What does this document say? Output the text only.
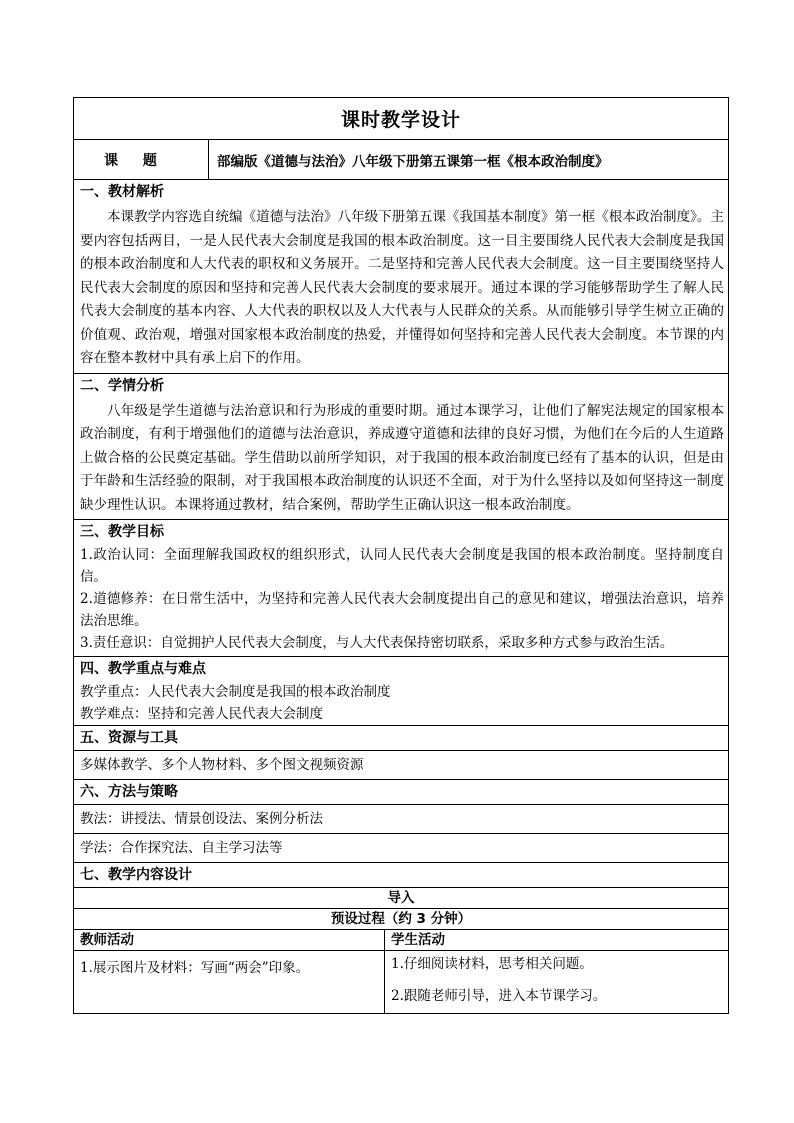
课时教学设计
课 题	部编版《道德与法治》八年级下册第五课第一框《根本政治制度》
一、教材解析
本课教学内容选自统编《道德与法治》八年级下册第五课《我国基本制度》第一框《根本政治制度》。主要内容包括两目，一是人民代表大会制度是我国的根本政治制度。这一目主要围绕人民代表大会制度是我国的根本政治制度和人大代表的职权和义务展开。二是坚持和完善人民代表大会制度。这一目主要围绕坚持人民代表大会制度的原因和坚持和完善人民代表大会制度的要求展开。通过本课的学习能够帮助学生了解人民代表大会制度的基本内容、人大代表的职权以及人大代表与人民群众的关系。从而能够引导学生树立正确的价值观、政治观，增强对国家根本政治制度的热爱，并懂得如何坚持和完善人民代表大会制度。本节课的内容在整本教材中具有承上启下的作用。
二、学情分析
八年级是学生道德与法治意识和行为形成的重要时期。通过本课学习，让他们了解宪法规定的国家根本政治制度，有利于增强他们的道德与法治意识，养成遵守道德和法律的良好习惯，为他们在今后的人生道路上做合格的公民奠定基础。学生借助以前所学知识，对于我国的根本政治制度已经有了基本的认识，但是由于年龄和生活经验的限制，对于我国根本政治制度的认识还不全面，对于为什么坚持以及如何坚持这一制度缺少理性认识。本课将通过教材，结合案例，帮助学生正确认识这一根本政治制度。
三、教学目标
1.政治认同：全面理解我国政权的组织形式，认同人民代表大会制度是我国的根本政治制度。坚持制度自信。
2.道德修养：在日常生活中，为坚持和完善人民代表大会制度提出自己的意见和建议，增强法治意识，培养法治思维。
3.责任意识：自觉拥护人民代表大会制度，与人大代表保持密切联系，采取多种方式参与政治生活。
四、教学重点与难点
教学重点：人民代表大会制度是我国的根本政治制度
教学难点：坚持和完善人民代表大会制度
五、资源与工具
多媒体教学、多个人物材料、多个图文视频资源
六、方法与策略
教法：讲授法、情景创设法、案例分析法
学法：合作探究法、自主学习法等
七、教学内容设计
导入
预设过程（约 3 分钟）
教师活动	学生活动
1.展示图片及材料：写画“两会”印象。	1.仔细阅读材料，思考相关问题。
2.跟随老师引导，进入本节课学习。
